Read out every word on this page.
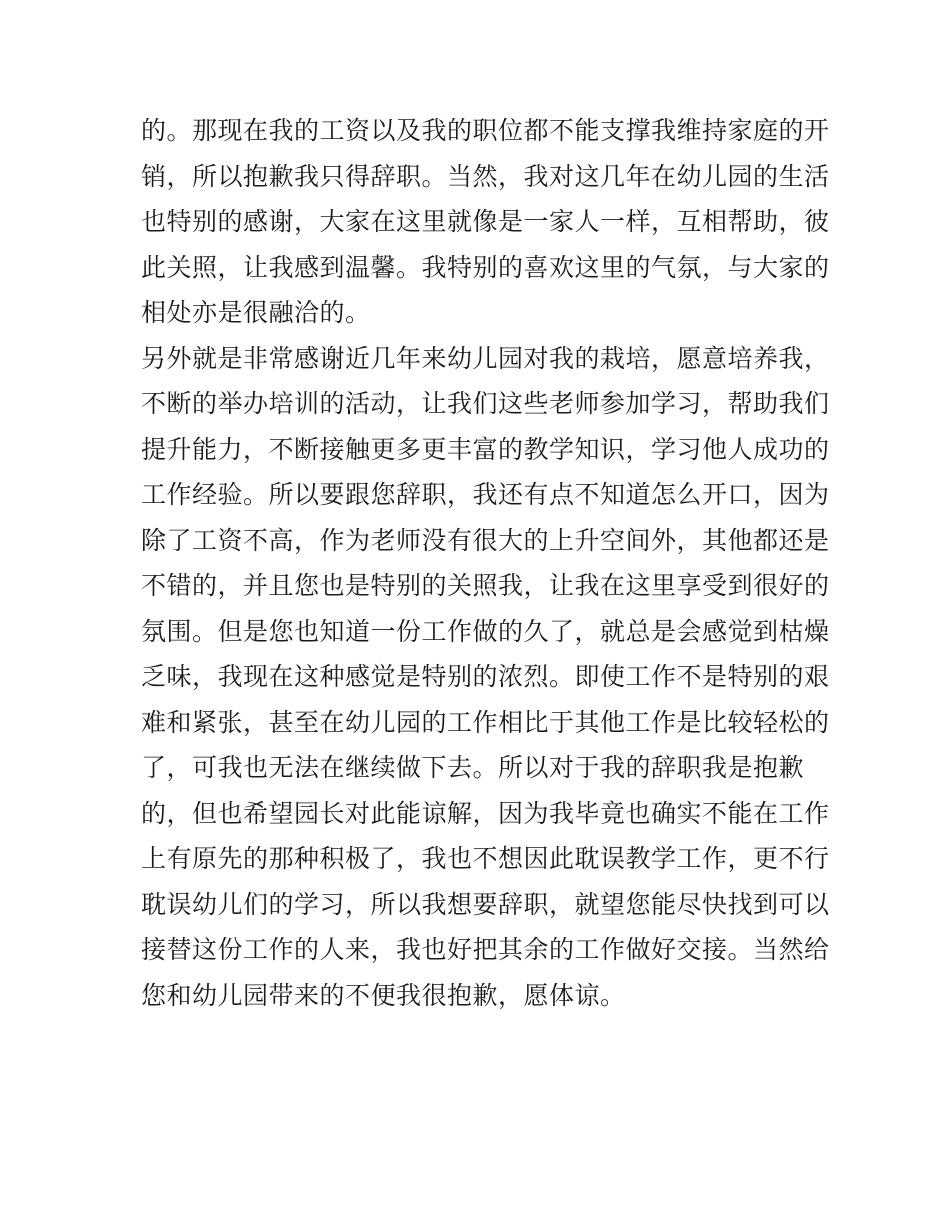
的。那现在我的工资以及我的职位都不能支撑我维持家庭的开
销，所以抱歉我只得辞职。当然，我对这几年在幼儿园的生活
也特别的感谢，大家在这里就像是一家人一样，互相帮助，彼
此关照，让我感到温馨。我特别的喜欢这里的气氛，与大家的
相处亦是很融洽的。
另外就是非常感谢近几年来幼儿园对我的栽培，愿意培养我，
不断的举办培训的活动，让我们这些老师参加学习，帮助我们
提升能力，不断接触更多更丰富的教学知识，学习他人成功的
工作经验。所以要跟您辞职，我还有点不知道怎么开口，因为
除了工资不高，作为老师没有很大的上升空间外，其他都还是
不错的，并且您也是特别的关照我，让我在这里享受到很好的
氛围。但是您也知道一份工作做的久了，就总是会感觉到枯燥
乏味，我现在这种感觉是特别的浓烈。即使工作不是特别的艰
难和紧张，甚至在幼儿园的工作相比于其他工作是比较轻松的
了，可我也无法在继续做下去。所以对于我的辞职我是抱歉
的，但也希望园长对此能谅解，因为我毕竟也确实不能在工作
上有原先的那种积极了，我也不想因此耽误教学工作，更不行
耽误幼儿们的学习，所以我想要辞职，就望您能尽快找到可以
接替这份工作的人来，我也好把其余的工作做好交接。当然给
您和幼儿园带来的不便我很抱歉，愿体谅。
